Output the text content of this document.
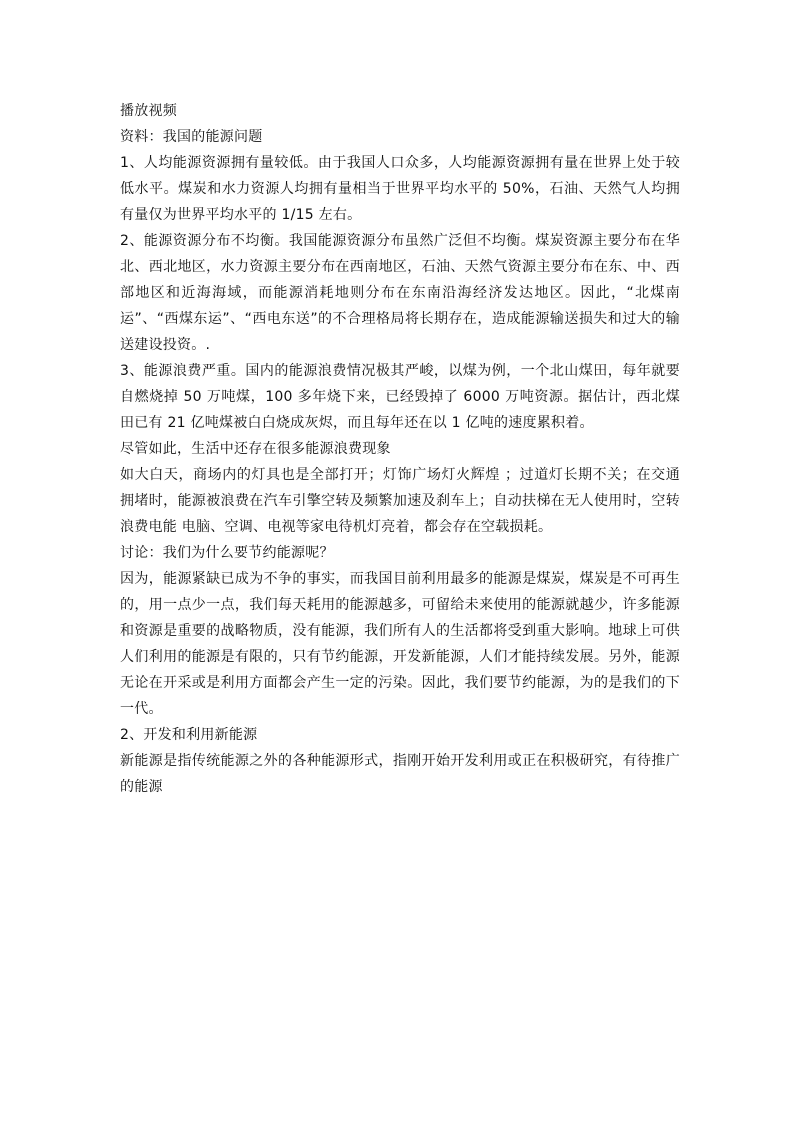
播放视频

资料：我国的能源问题

1、人均能源资源拥有量较低。由于我国人口众多，人均能源资源拥有量在世界上处于较低水平。煤炭和水力资源人均拥有量相当于世界平均水平的 50%，石油、天然气人均拥有量仅为世界平均水平的 1/15 左右。

2、能源资源分布不均衡。我国能源资源分布虽然广泛但不均衡。煤炭资源主要分布在华北、西北地区，水力资源主要分布在西南地区，石油、天然气资源主要分布在东、中、西部地区和近海海域，而能源消耗地则分布在东南沿海经济发达地区。因此，“北煤南运”、“西煤东运”、“西电东送”的不合理格局将长期存在，造成能源输送损失和过大的输送建设投资。.

3、能源浪费严重。国内的能源浪费情况极其严峻，以煤为例，一个北山煤田，每年就要自燃烧掉 50 万吨煤，100 多年烧下来，已经毁掉了 6000 万吨资源。据估计，西北煤田已有 21 亿吨煤被白白烧成灰烬，而且每年还在以 1 亿吨的速度累积着。

尽管如此，生活中还存在很多能源浪费现象

如大白天，商场内的灯具也是全部打开；灯饰广场灯火辉煌 ；过道灯长期不关；在交通拥堵时，能源被浪费在汽车引擎空转及频繁加速及刹车上；自动扶梯在无人使用时，空转浪费电能 电脑、空调、电视等家电待机灯亮着，都会存在空载损耗。

讨论：我们为什么要节约能源呢？

因为，能源紧缺已成为不争的事实，而我国目前利用最多的能源是煤炭，煤炭是不可再生的，用一点少一点，我们每天耗用的能源越多，可留给未来使用的能源就越少，许多能源和资源是重要的战略物质，没有能源，我们所有人的生活都将受到重大影响。地球上可供人们利用的能源是有限的，只有节约能源，开发新能源，人们才能持续发展。另外，能源无论在开采或是利用方面都会产生一定的污染。因此，我们要节约能源，为的是我们的下一代。

2、开发和利用新能源

新能源是指传统能源之外的各种能源形式，指刚开始开发利用或正在积极研究，有待推广的能源
